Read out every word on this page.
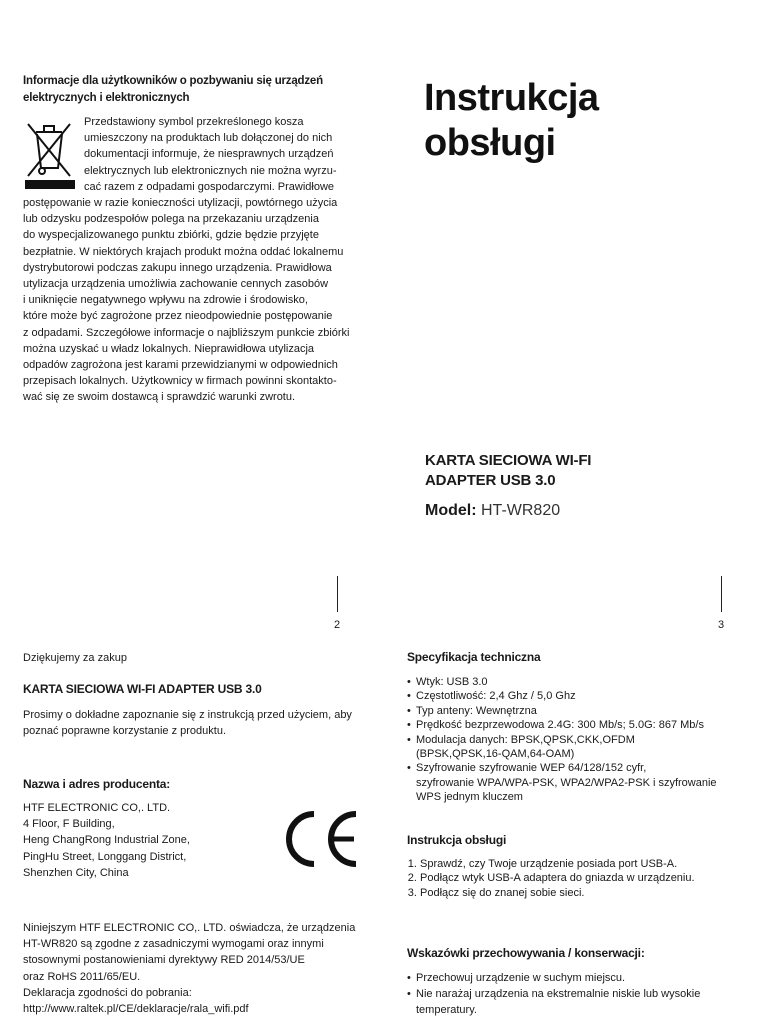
Informacje dla użytkowników o pozbywaniu się urządzeń
elektrycznych i elektronicznych
Przedstawiony symbol przekreślonego kosza
umieszczony na produktach lub dołączonej do nich
dokumentacji informuje, że niesprawnych urządzeń
elektrycznych lub elektronicznych nie można wyrzu-
cać razem z odpadami gospodarczymi. Prawidłowe
postępowanie w razie konieczności utylizacji, powtórnego użycia
lub odzysku podzespołów polega na przekazaniu urządzenia
do wyspecjalizowanego punktu zbiórki, gdzie będzie przyjęte
bezpłatnie. W niektórych krajach produkt można oddać lokalnemu
dystrybutorowi podczas zakupu innego urządzenia. Prawidłowa
utylizacja urządzenia umożliwia zachowanie cennych zasobów
i uniknięcie negatywnego wpływu na zdrowie i środowisko,
które może być zagrożone przez nieodpowiednie postępowanie
z odpadami. Szczegółowe informacje o najbliższym punkcie zbiórki
można uzyskać u władz lokalnych. Nieprawidłowa utylizacja
odpadów zagrożona jest karami przewidzianymi w odpowiednich
przepisach lokalnych. Użytkownicy w firmach powinni skontakto-
wać się ze swoim dostawcą i sprawdzić warunki zwrotu.
Instrukcja
obsługi
KARTA SIECIOWA WI-FI
ADAPTER USB 3.0
Model: HT-WR820
2	3
Dziękujemy za zakup
KARTA SIECIOWA WI-FI ADAPTER USB 3.0
Prosimy o dokładne zapoznanie się z instrukcją przed użyciem, aby
poznać poprawne korzystanie z produktu.
Nazwa i adres producenta:
HTF ELECTRONIC CO,. LTD.
4 Floor, F Building,
Heng ChangRong Industrial Zone,
PingHu Street, Longgang District,
Shenzhen City, China
Niniejszym HTF ELECTRONIC CO,. LTD. oświadcza, że urządzenia
HT-WR820 są zgodne z zasadniczymi wymogami oraz innymi
stosownymi postanowieniami dyrektywy RED 2014/53/UE
oraz RoHS 2011/65/EU.
Deklaracja zgodności do pobrania:
http://www.raltek.pl/CE/deklaracje/rala_wifi.pdf
Specyfikacja techniczna
• Wtyk: USB 3.0
• Częstotliwość: 2,4 Ghz / 5,0 Ghz
• Typ anteny: Wewnętrzna
• Prędkość bezprzewodowa 2.4G: 300 Mb/s; 5.0G: 867 Mb/s
• Modulacja danych: BPSK,QPSK,CKK,OFDM
(BPSK,QPSK,16-QAM,64-OAM)
• Szyfrowanie szyfrowanie WEP 64/128/152 cyfr,
szyfrowanie WPA/WPA-PSK, WPA2/WPA2-PSK i szyfrowanie
WPS jednym kluczem
Instrukcja obsługi
1. Sprawdź, czy Twoje urządzenie posiada port USB-A.
2. Podłącz wtyk USB-A adaptera do gniazda w urządzeniu.
3. Podłącz się do znanej sobie sieci.
Wskazówki przechowywania / konserwacji:
• Przechowuj urządzenie w suchym miejscu.
• Nie narażaj urządzenia na ekstremalnie niskie lub wysokie
temperatury.
